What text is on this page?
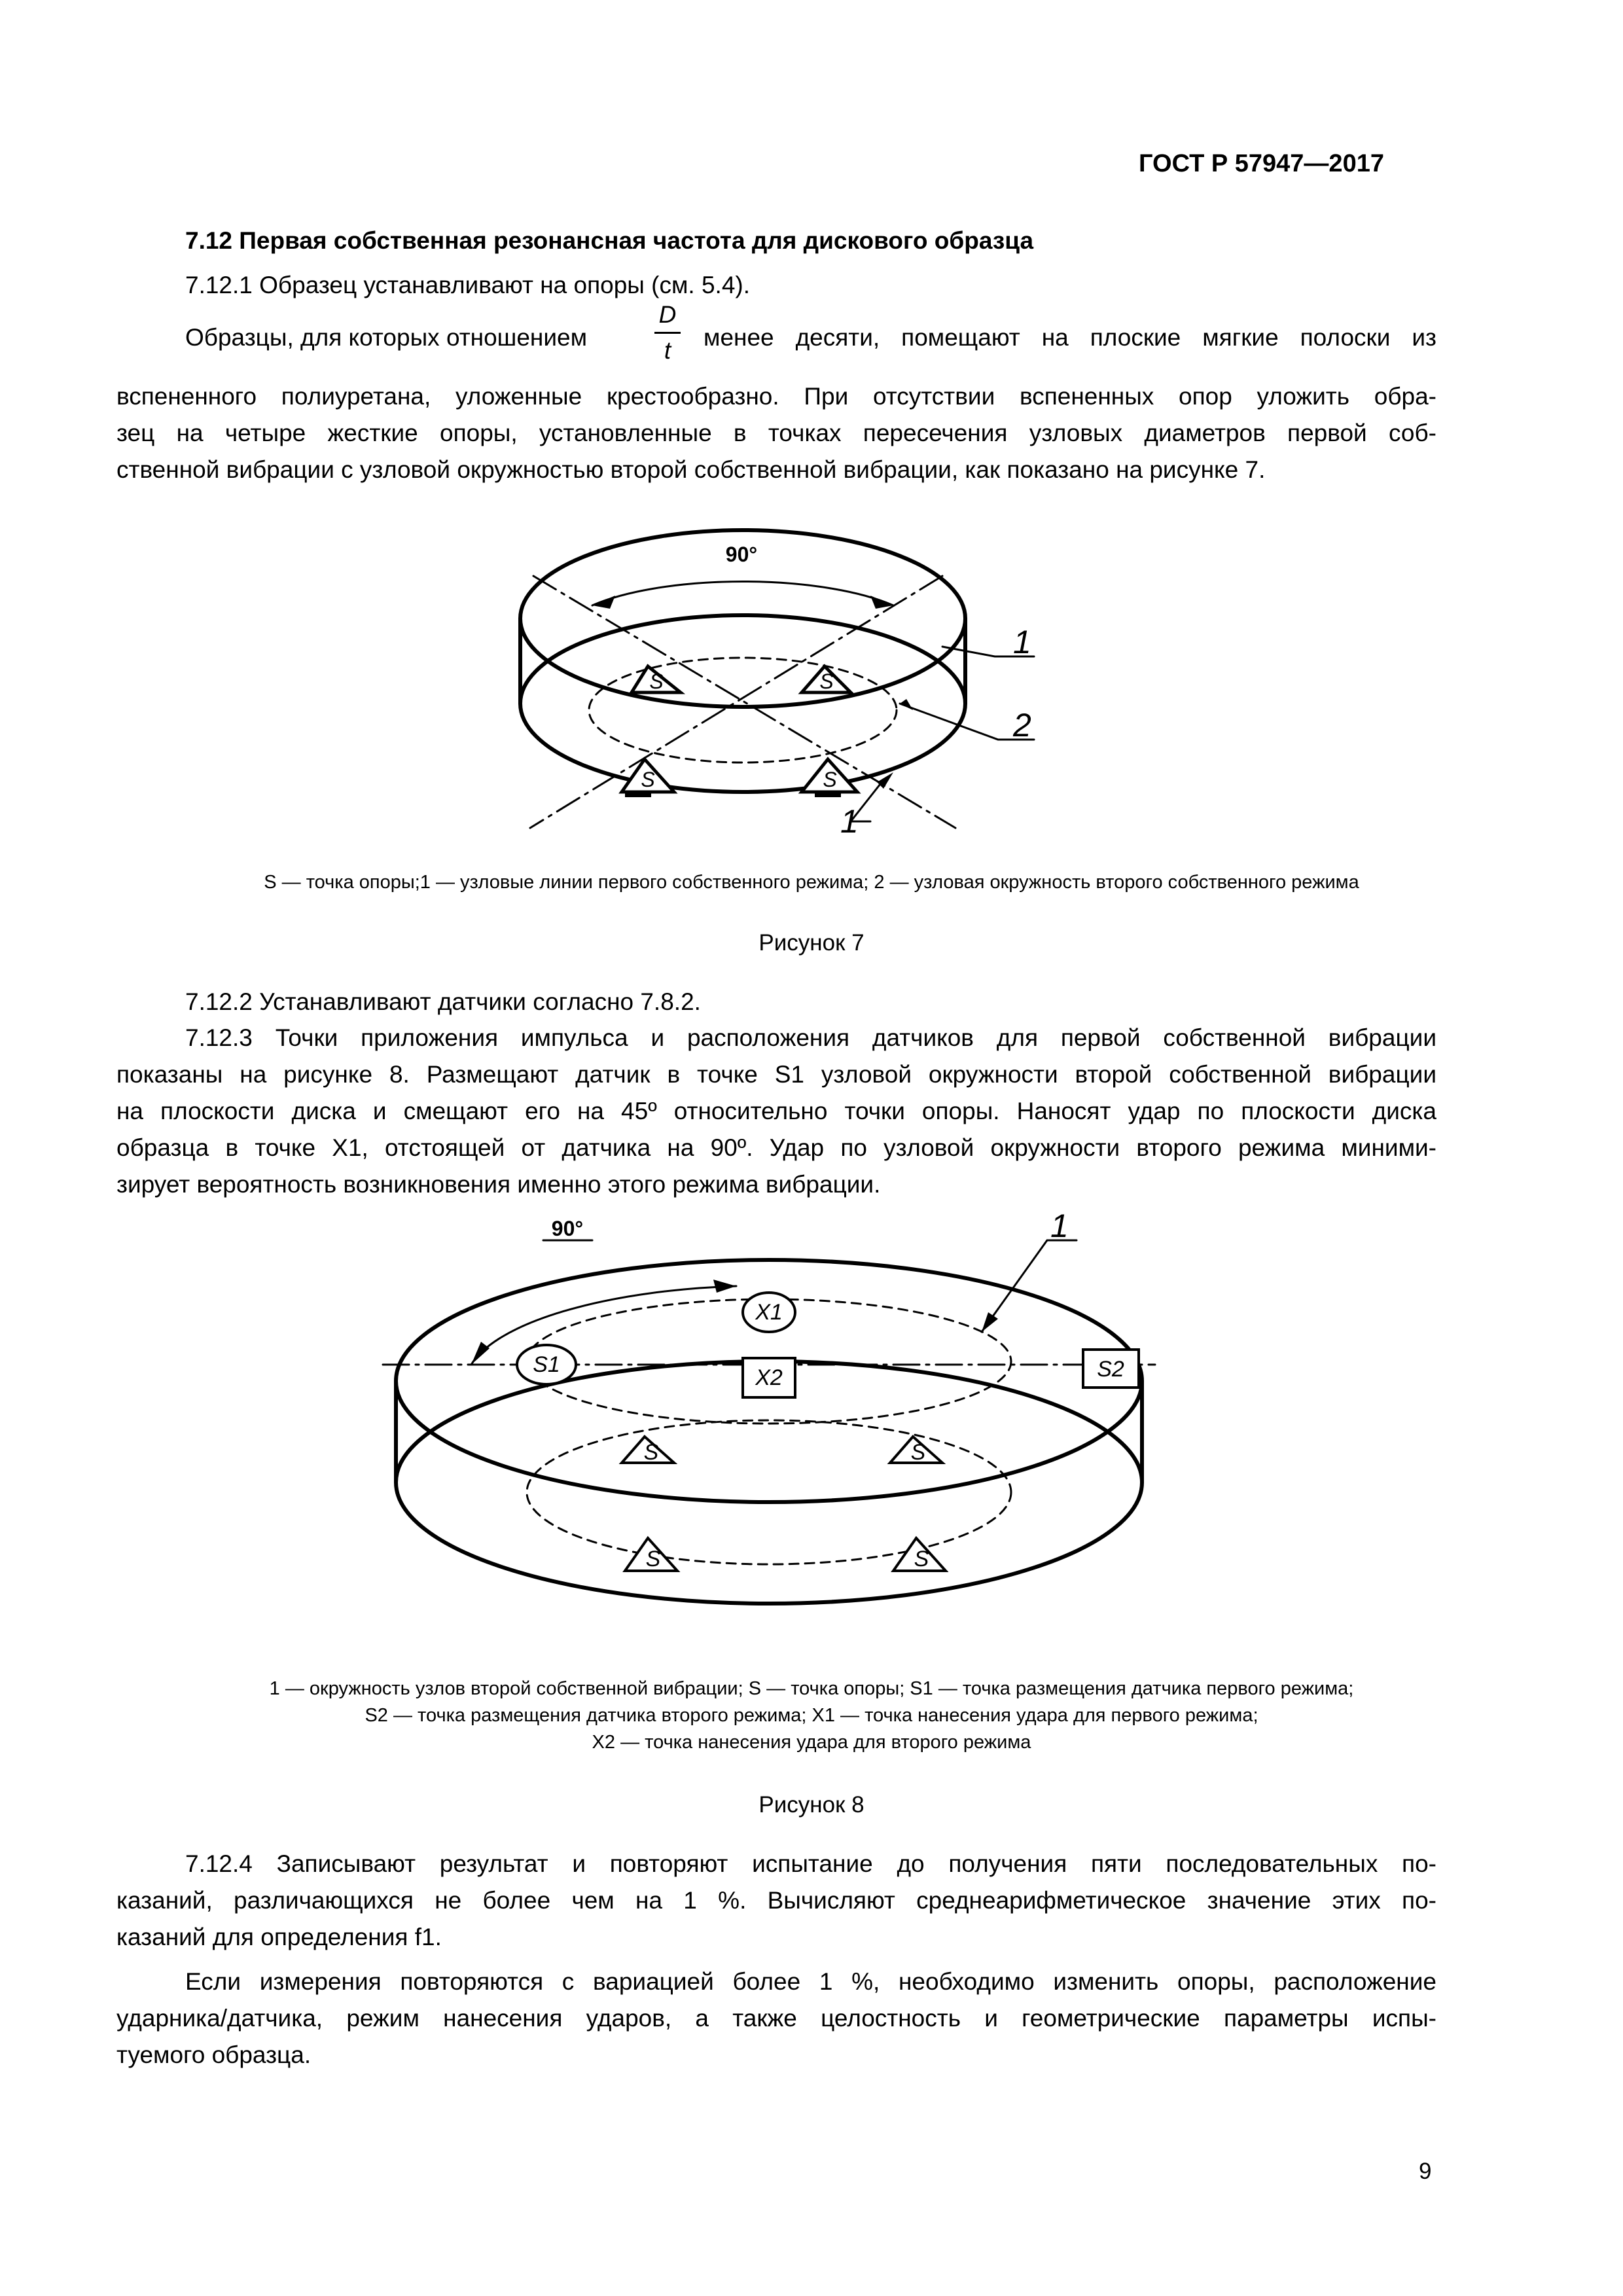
ГОСТ Р 57947—2017
7.12 Первая собственная резонансная частота для дискового образца
7.12.1 Образец устанавливают на опоры (см. 5.4).
Образцы, для которых отношением
D
t	менее десяти, помещают на плоские мягкие полоски из
вспененного полиуретана, уложенные крестообразно. При отсутствии вспененных опор уложить обра-
зец на четыре жесткие опоры, установленные в точках пересечения узловых диаметров первой соб-
ственной вибрации с узловой окружностью второй собственной вибрации, как показано на рисунке 7.
S	S
S	S
90°
1
2
1
S — точка опоры;1 — узловые линии первого собственного режима; 2 — узловая окружность второго собственного режима
Рисунок 7
7.12.2 Устанавливают датчики согласно 7.8.2.
7.12.3 Точки приложения импульса и расположения датчиков для первой собственной вибрации
показаны на рисунке 8. Размещают датчик в точке S1 узловой окружности второй собственной вибрации
на плоскости диска и смещают его на 45º относительно точки опоры. Наносят удар по плоскости диска
образца в точке X1, отстоящей от датчика на 90º. Удар по узловой окружности второго режима миними-
зирует вероятность возникновения именно этого режима вибрации.
X1
X2
S1	S2
S	S
S	S
90°	1
1 — окружность узлов второй собственной вибрации; S — точка опоры; S1 — точка размещения датчика первого режима;
S2 — точка размещения датчика второго режима; X1 — точка нанесения удара для первого режима;
X2 — точка нанесения удара для второго режима
Рисунок 8
7.12.4 Записывают результат и повторяют испытание до получения пяти последовательных по-
казаний, различающихся не более чем на 1 %. Вычисляют среднеарифметическое значение этих по-
казаний для определения f1.
Если измерения повторяются с вариацией более 1 %, необходимо изменить опоры, расположение
ударника/датчика, режим нанесения ударов, а также целостность и геометрические параметры испы-
туемого образца.
9
